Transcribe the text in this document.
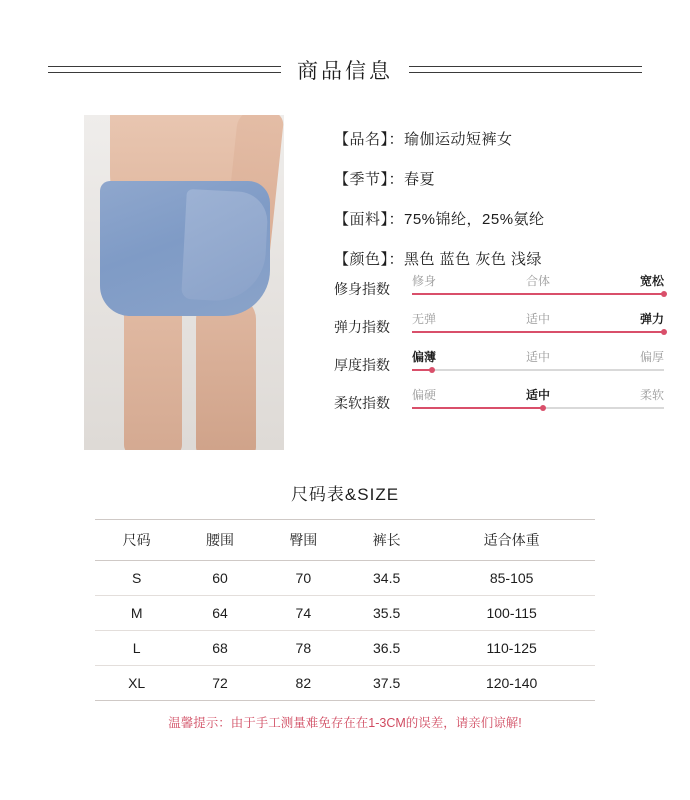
商品信息
【品名】：瑜伽运动短裤女
【季节】：春夏
【面料】：75%锦纶，25%氨纶
【颜色】：黑色 蓝色 灰色 浅绿
修身指数	修身	合体	宽松
弹力指数	无弹	适中	弹力
厚度指数	偏薄	适中	偏厚
柔软指数	偏硬	适中	柔软
尺码表&SIZE
尺码	腰围	臀围	裤长	适合体重
S	60	70	34.5	85-105
M	64	74	35.5	100-115
L	68	78	36.5	110-125
XL	72	82	37.5	120-140
温馨提示：由于手工测量难免存在在1-3CM的误差，请亲们谅解!
